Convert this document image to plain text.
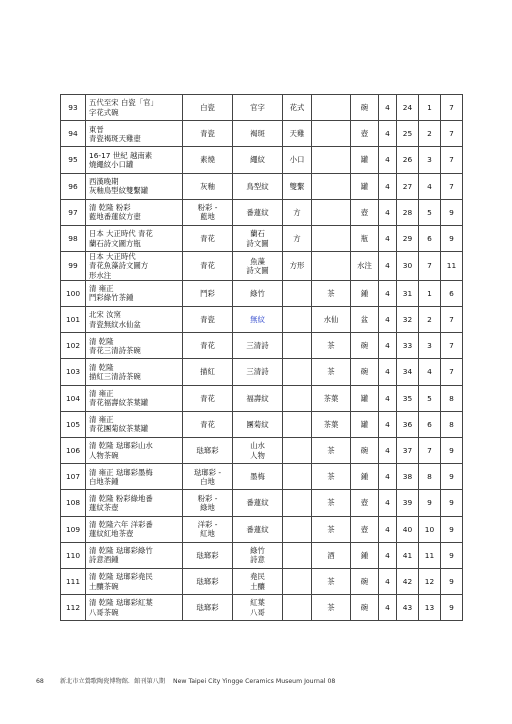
93	五代至宋 白瓷「官」
字花式碗	白瓷	官字	花式		碗	4	24	1	7
94	東晉
青瓷褐斑天雞壺	青瓷	褐斑	天雞		壺	4	25	2	7
95	16-17 世紀 越南素
燒繩紋小口罐	素燒	繩紋	小口		罐	4	26	3	7
96	西漢晚期
灰釉鳥型紋雙繫罐	灰釉	鳥型紋	雙繫		罐	4	27	4	7
97	清 乾隆 粉彩
藍地番蓮紋方壺	粉彩 -
藍地	番蓮紋	方		壺	4	28	5	9
98	日本 大正時代 青花
蘭石詩文圖方瓶	青花	蘭石
詩文圖	方		瓶	4	29	6	9
99	日本 大正時代
青花魚藻詩文圖方
形水注	青花	魚藻
詩文圖	方形		水注	4	30	7	11
100	清 雍正
鬥彩綠竹茶鍾	鬥彩	綠竹		茶	鍾	4	31	1	6
101	北宋 汝窯
青瓷無紋水仙盆	青瓷	無紋		水仙	盆	4	32	2	7
102	清 乾隆
青花三清詩茶碗	青花	三清詩		茶	碗	4	33	3	7
103	清 乾隆
描紅三清詩茶碗	描紅	三清詩		茶	碗	4	34	4	7
104	清 雍正
青花福壽紋茶葉罐	青花	福壽紋		茶葉	罐	4	35	5	8
105	清 雍正
青花團菊紋茶葉罐	青花	團菊紋		茶葉	罐	4	36	6	8
106	清 乾隆 琺瑯彩山水
人物茶碗	琺瑯彩	山水
人物		茶	碗	4	37	7	9
107	清 雍正 琺瑯彩墨梅
白地茶鍾	琺瑯彩 -
白地	墨梅		茶	鍾	4	38	8	9
108	清 乾隆 粉彩綠地番
蓮紋茶壺	粉彩 -
綠地	番蓮紋		茶	壺	4	39	9	9
109	清 乾隆六年 洋彩番
蓮紋紅地茶壺	洋彩 -
紅地	番蓮紋		茶	壺	4	40	10	9
110	清 乾隆 琺瑯彩綠竹
詩意酒鍾	琺瑯彩	綠竹
詩意		酒	鍾	4	41	11	9
111	清 乾隆 琺瑯彩堯民
土釀茶碗	琺瑯彩	堯民
土釀		茶	碗	4	42	12	9
112	清 乾隆 琺瑯彩紅葉
八哥茶碗	琺瑯彩	紅葉
八哥		茶	碗	4	43	13	9
68	新北市立鶯歌陶瓷博物館．館刊第八期 New Taipei City Yingge Ceramics Museum Journal 08
